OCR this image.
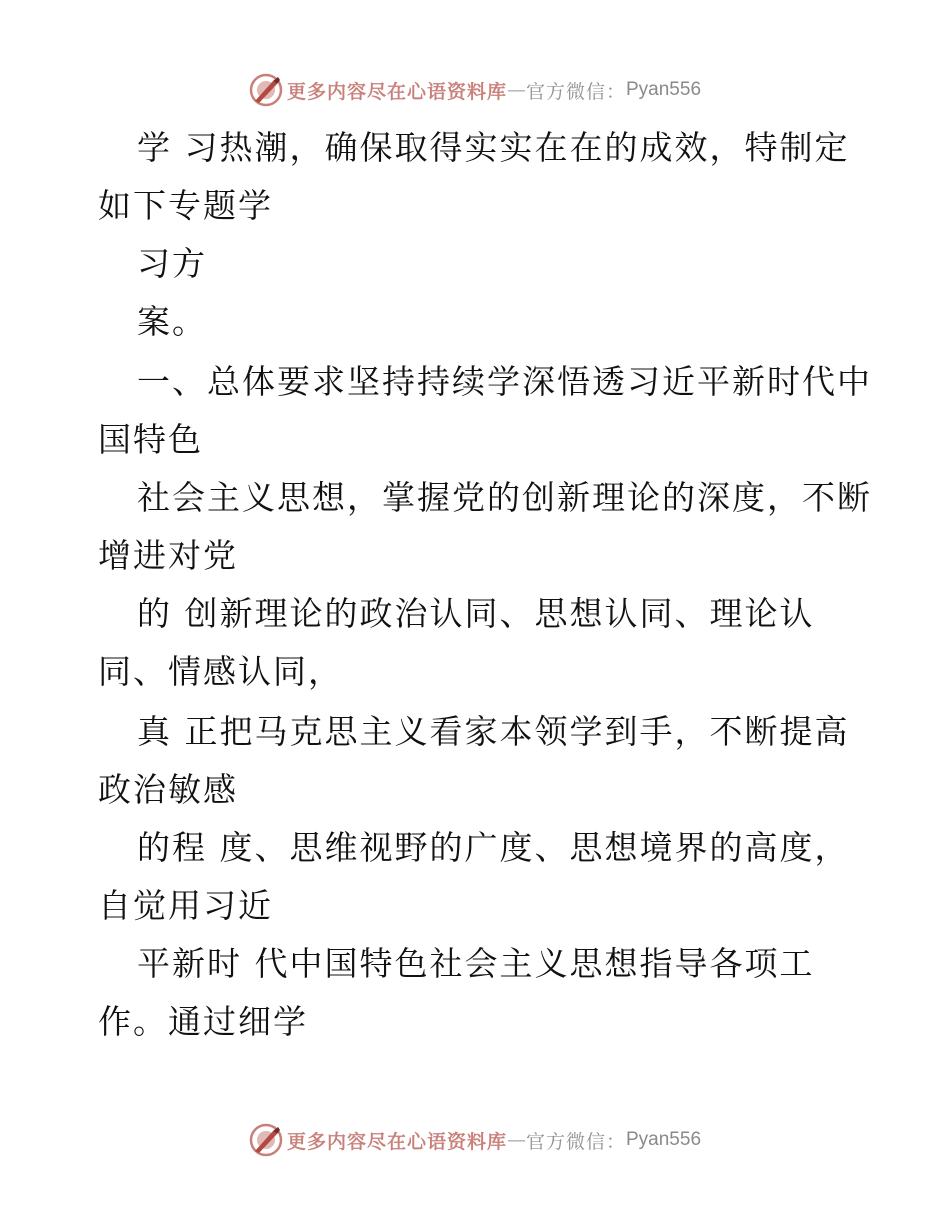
更多内容尽在心语资料库 — 官方微信： Pyan556
学 习热潮，确保取得实实在在的成效，特制定
如下专题学
习方
案。
一、总体要求坚持持续学深悟透习近平新时代中
国特色
社会主义思想，掌握党的创新理论的深度，不断
增进对党
的 创新理论的政治认同、思想认同、理论认
同、情感认同，
真 正把马克思主义看家本领学到手，不断提高
政治敏感
的程 度、思维视野的广度、思想境界的高度，
自觉用习近
平新时 代中国特色社会主义思想指导各项工
作。通过细学
更多内容尽在心语资料库 — 官方微信： Pyan556
